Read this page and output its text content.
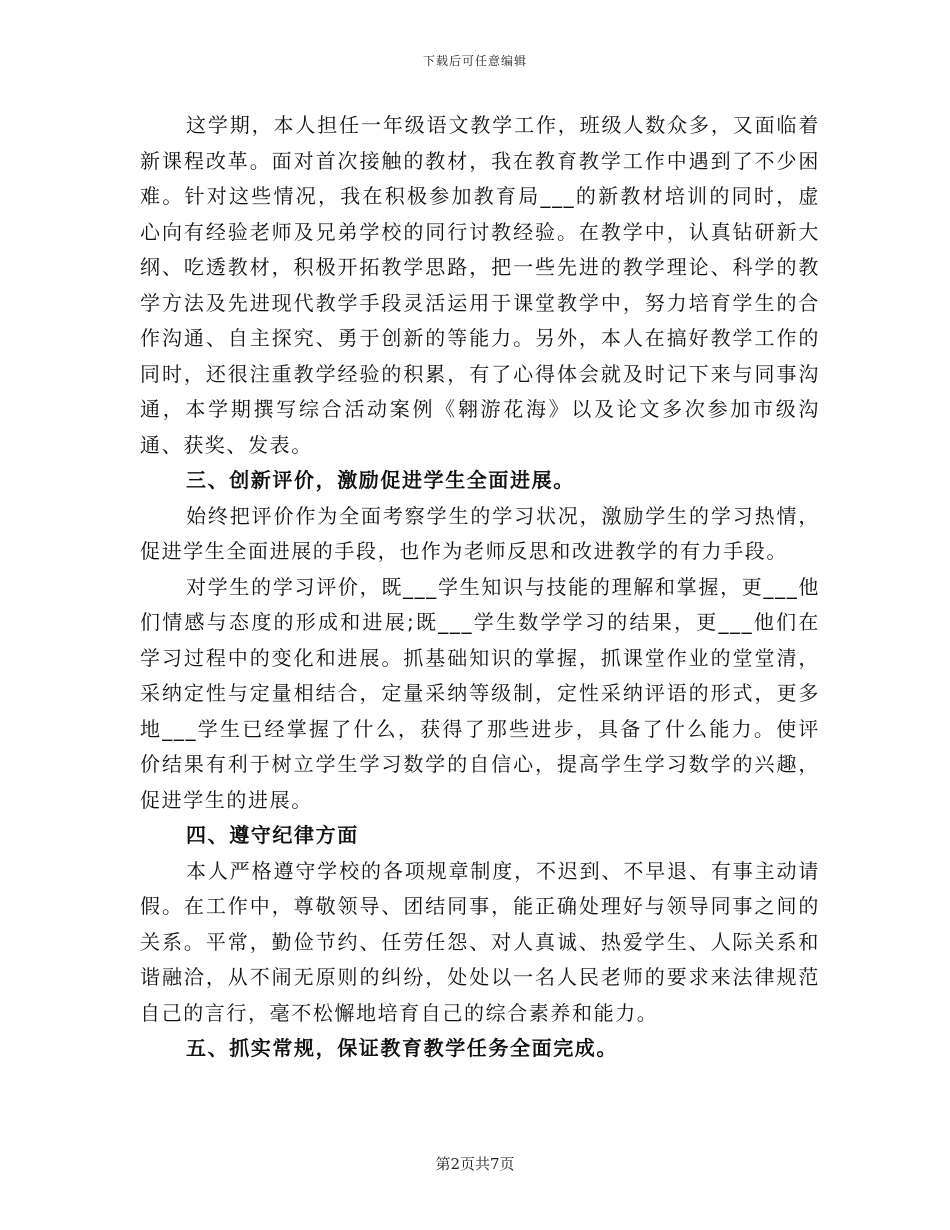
下载后可任意编辑

这学期，本人担任一年级语文教学工作，班级人数众多，又面临着新课程改革。面对首次接触的教材，我在教育教学工作中遇到了不少困难。针对这些情况，我在积极参加教育局___的新教材培训的同时，虚心向有经验老师及兄弟学校的同行讨教经验。在教学中，认真钻研新大纲、吃透教材，积极开拓教学思路，把一些先进的教学理论、科学的教学方法及先进现代教学手段灵活运用于课堂教学中，努力培育学生的合作沟通、自主探究、勇于创新的等能力。另外，本人在搞好教学工作的同时，还很注重教学经验的积累，有了心得体会就及时记下来与同事沟通，本学期撰写综合活动案例《翱游花海》以及论文多次参加市级沟通、获奖、发表。

三、创新评价，激励促进学生全面进展。

始终把评价作为全面考察学生的学习状况，激励学生的学习热情，促进学生全面进展的手段，也作为老师反思和改进教学的有力手段。

对学生的学习评价，既___学生知识与技能的理解和掌握，更___他们情感与态度的形成和进展;既___学生数学学习的结果，更___他们在学习过程中的变化和进展。抓基础知识的掌握，抓课堂作业的堂堂清，采纳定性与定量相结合，定量采纳等级制，定性采纳评语的形式，更多地___学生已经掌握了什么，获得了那些进步，具备了什么能力。使评价结果有利于树立学生学习数学的自信心，提高学生学习数学的兴趣，促进学生的进展。

四、遵守纪律方面

本人严格遵守学校的各项规章制度，不迟到、不早退、有事主动请假。在工作中，尊敬领导、团结同事，能正确处理好与领导同事之间的关系。平常，勤俭节约、任劳任怨、对人真诚、热爱学生、人际关系和谐融洽，从不闹无原则的纠纷，处处以一名人民老师的要求来法律规范自己的言行，毫不松懈地培育自己的综合素养和能力。

五、抓实常规，保证教育教学任务全面完成。

第2页共7页
